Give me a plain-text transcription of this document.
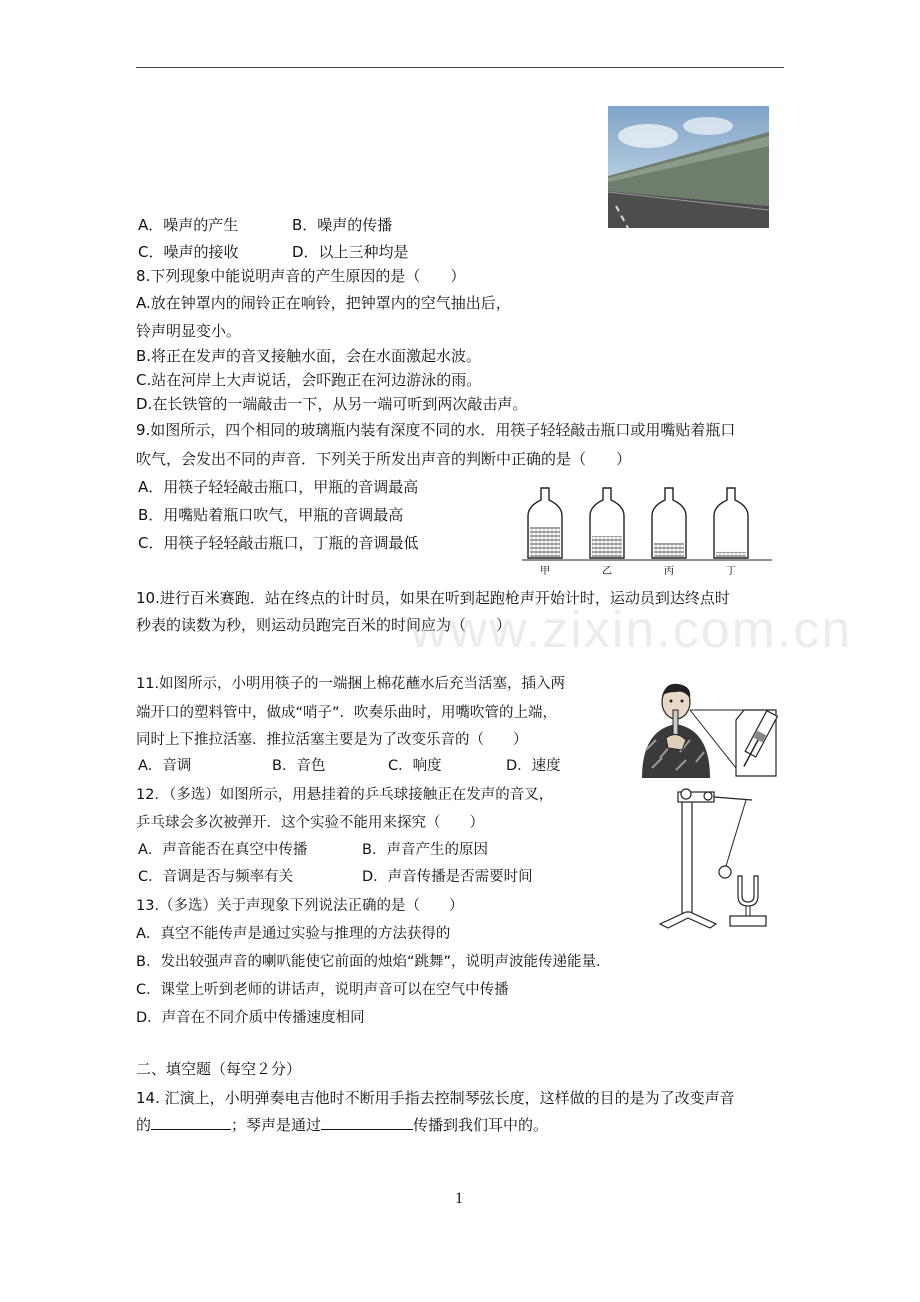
A．噪声的产生	B．噪声的传播
C．噪声的接收	D．以上三种均是
8.下列现象中能说明声音的产生原因的是（　　）
A.放在钟罩内的闹铃正在响铃，把钟罩内的空气抽出后，
铃声明显变小。
B.将正在发声的音叉接触水面，会在水面激起水波。
C.站在河岸上大声说话，会吓跑正在河边游泳的雨。
D.在长铁管的一端敲击一下，从另一端可听到两次敲击声。
9.如图所示，四个相同的玻璃瓶内装有深度不同的水．用筷子轻轻敲击瓶口或用嘴贴着瓶口
吹气，会发出不同的声音．下列关于所发出声音的判断中正确的是（　　）
A．用筷子轻轻敲击瓶口，甲瓶的音调最高
B．用嘴贴着瓶口吹气，甲瓶的音调最高
C．用筷子轻轻敲击瓶口，丁瓶的音调最低
甲	乙	丙	丁
10.进行百米赛跑．站在终点的计时员，如果在听到起跑枪声开始计时，运动员到达终点时
秒表的读数为秒，则运动员跑完百米的时间应为（　　）
11.如图所示，小明用筷子的一端捆上棉花蘸水后充当活塞，插入两
端开口的塑料管中，做成“哨子”．吹奏乐曲时，用嘴吹管的上端，
同时上下推拉活塞．推拉活塞主要是为了改变乐音的（　　）
A．音调	B．音色	C．响度	D．速度
12．（多选）如图所示，用悬挂着的乒乓球接触正在发声的音叉，
乒乓球会多次被弹开．这个实验不能用来探究（　　）
A．声音能否在真空中传播	B．声音产生的原因
C．音调是否与频率有关	D．声音传播是否需要时间
13.（多选）关于声现象下列说法正确的是（　　）
A．真空不能传声是通过实验与推理的方法获得的
B．发出较强声音的喇叭能使它前面的烛焰“跳舞”，说明声波能传递能量.
C．课堂上听到老师的讲话声，说明声音可以在空气中传播
D．声音在不同介质中传播速度相同
二、填空题（每空２分）
14. 汇演上，小明弹奏电吉他时不断用手指去控制琴弦长度，这样做的目的是为了改变声音
的	；琴声是通过	传播到我们耳中的。
www.zixin.com.cn
1
